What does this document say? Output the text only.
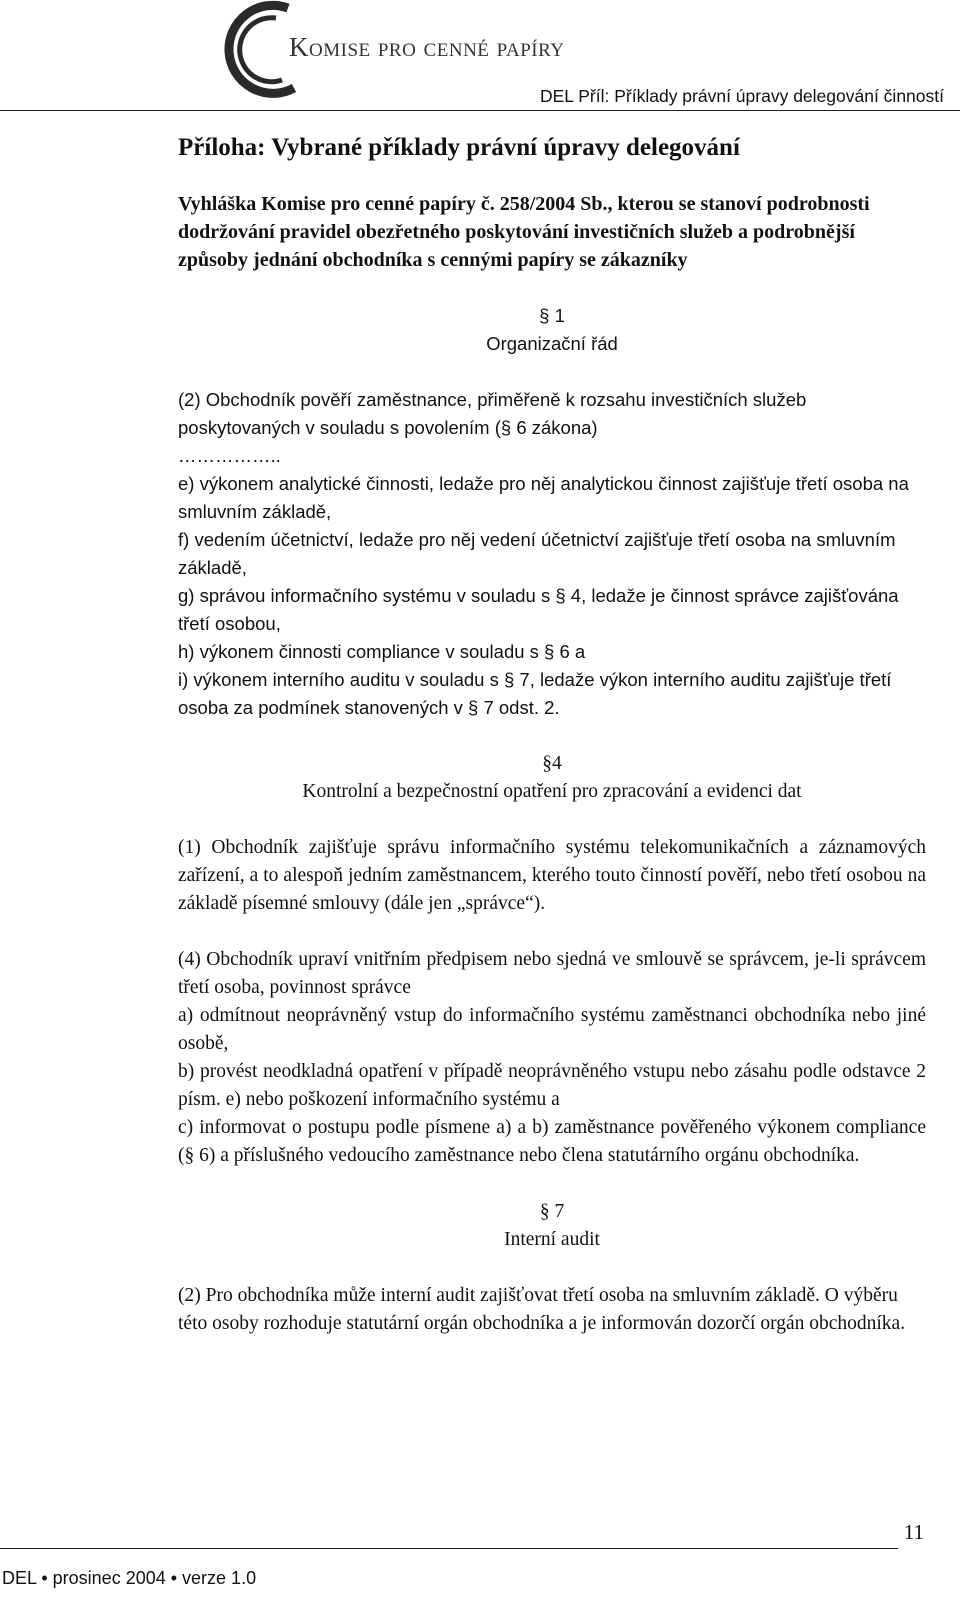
Komise pro cenné papíry
DEL Příl: Příklady právní úpravy delegování činností
Příloha: Vybrané příklady právní úpravy delegování

Vyhláška Komise pro cenné papíry č. 258/2004 Sb., kterou se stanoví podrobnosti dodržování pravidel obezřetného poskytování investičních služeb a podrobnější způsoby jednání obchodníka s cennými papíry se zákazníky

§ 1

Organizační řád

(2) Obchodník pověří zaměstnance, přiměřeně k rozsahu investičních služeb poskytovaných v souladu s povolením (§ 6 zákona)

……………..

e) výkonem analytické činnosti, ledaže pro něj analytickou činnost zajišťuje třetí osoba na smluvním základě,

f) vedením účetnictví, ledaže pro něj vedení účetnictví zajišťuje třetí osoba na smluvním základě,

g) správou informačního systému v souladu s § 4, ledaže je činnost správce zajišťována třetí osobou,

h) výkonem činnosti compliance v souladu s § 6 a

i) výkonem interního auditu v souladu s § 7, ledaže výkon interního auditu zajišťuje třetí osoba za podmínek stanovených v § 7 odst. 2.

§4

Kontrolní a bezpečnostní opatření pro zpracování a evidenci dat

(1) Obchodník zajišťuje správu informačního systému telekomunikačních a záznamových zařízení, a to alespoň jedním zaměstnancem, kterého touto činností pověří, nebo třetí osobou na základě písemné smlouvy (dále jen „správce“).

(4) Obchodník upraví vnitřním předpisem nebo sjedná ve smlouvě se správcem, je-li správcem třetí osoba, povinnost správce

a) odmítnout neoprávněný vstup do informačního systému zaměstnanci obchodníka nebo jiné osobě,

b) provést neodkladná opatření v případě neoprávněného vstupu nebo zásahu podle odstavce 2 písm. e) nebo poškození informačního systému a

c) informovat o postupu podle písmene a) a b) zaměstnance pověřeného výkonem compliance (§ 6) a příslušného vedoucího zaměstnance nebo člena statutárního orgánu obchodníka.

§ 7

Interní audit

(2) Pro obchodníka může interní audit zajišťovat třetí osoba na smluvním základě. O výběru této osoby rozhoduje statutární orgán obchodníka a je informován dozorčí orgán obchodníka.

11
DEL • prosinec 2004 • verze 1.0
